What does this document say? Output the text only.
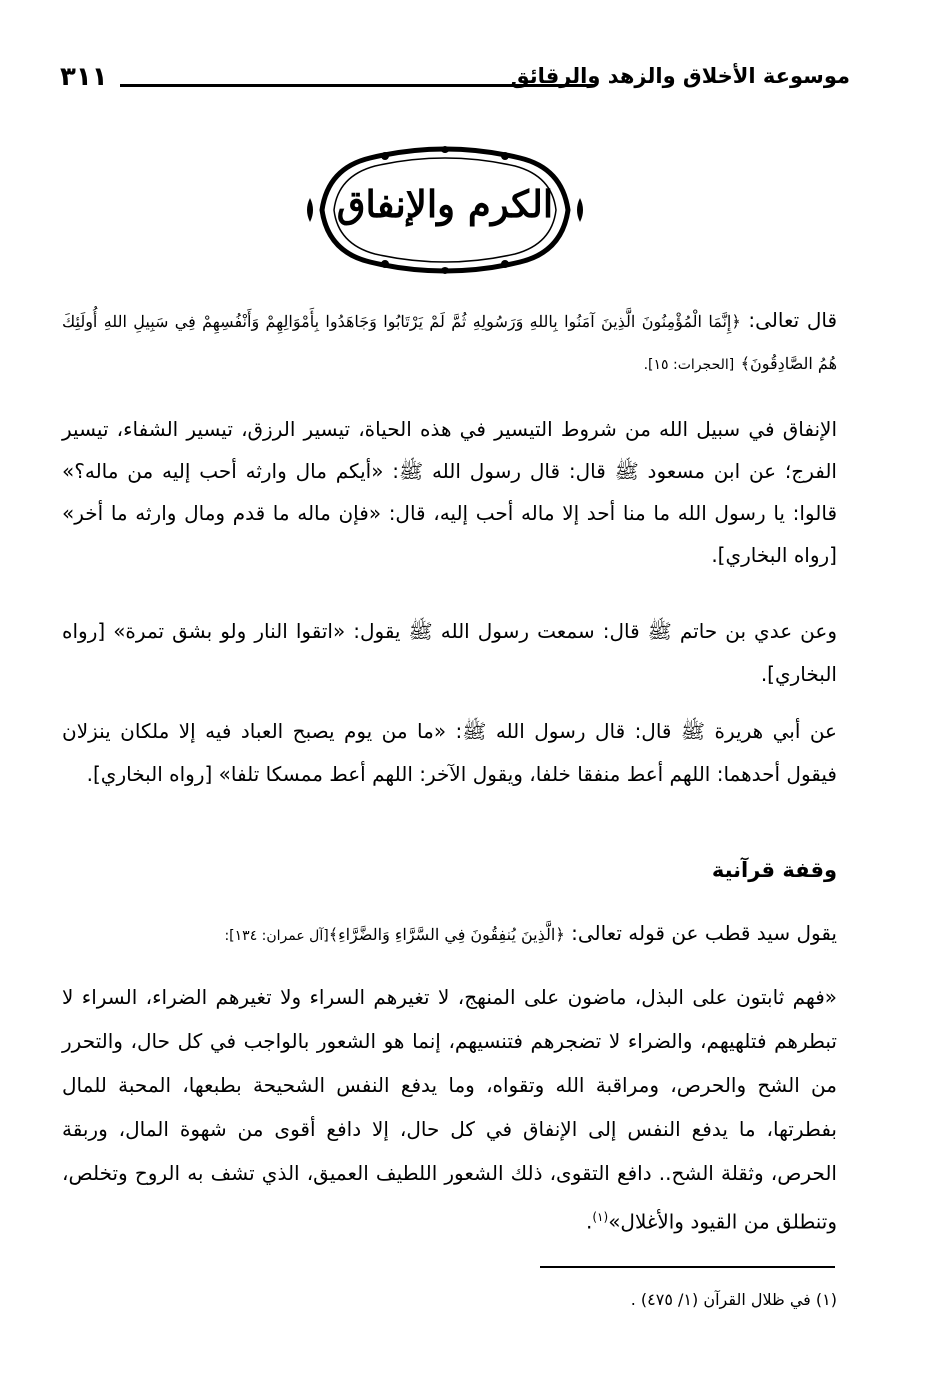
موسوعة الأخلاق والزهد والرقائق
٣١١
الكرم والإنفاق
قال تعالى: ﴿إِنَّمَا الْمُؤْمِنُونَ الَّذِينَ آمَنُوا بِاللهِ وَرَسُولِهِ ثُمَّ لَمْ يَرْتَابُوا وَجَاهَدُوا بِأَمْوَالِهِمْ وَأَنْفُسِهِمْ فِي سَبِيلِ اللهِ أُولَئِكَ هُمُ الصَّادِقُونَ﴾ [الحجرات: ١٥].
الإنفاق في سبيل الله من شروط التيسير في هذه الحياة، تيسير الرزق، تيسير الشفاء، تيسير الفرج؛ عن ابن مسعود ﷺ قال: قال رسول الله ﷺ: «أيكم مال وارثه أحب إليه من ماله؟» قالوا: يا رسول الله ما منا أحد إلا ماله أحب إليه، قال: «فإن ماله ما قدم ومال وارثه ما أخر» [رواه البخاري].
وعن عدي بن حاتم ﷺ قال: سمعت رسول الله ﷺ يقول: «اتقوا النار ولو بشق تمرة» [رواه البخاري].
عن أبي هريرة ﷺ قال: قال رسول الله ﷺ: «ما من يوم يصبح العباد فيه إلا ملكان ينزلان فيقول أحدهما: اللهم أعط منفقا خلفا، ويقول الآخر: اللهم أعط ممسكا تلفا» [رواه البخاري].
وقفة قرآنية
يقول سيد قطب عن قوله تعالى: ﴿الَّذِينَ يُنفِقُونَ فِي السَّرَّاءِ وَالضَّرَّاءِ﴾[آل عمران: ١٣٤]:
«فهم ثابتون على البذل، ماضون على المنهج، لا تغيرهم السراء ولا تغيرهم الضراء، السراء لا تبطرهم فتلهيهم، والضراء لا تضجرهم فتنسيهم، إنما هو الشعور بالواجب في كل حال، والتحرر من الشح والحرص، ومراقبة الله وتقواه، وما يدفع النفس الشحيحة بطبعها، المحبة للمال بفطرتها، ما يدفع النفس إلى الإنفاق في كل حال، إلا دافع أقوى من شهوة المال، وربقة الحرص، وثقلة الشح.. دافع التقوى، ذلك الشعور اللطيف العميق، الذي تشف به الروح وتخلص، وتنطلق من القيود والأغلال»$^{(١)}$.
(١) في ظلال القرآن (١/ ٤٧٥) .
